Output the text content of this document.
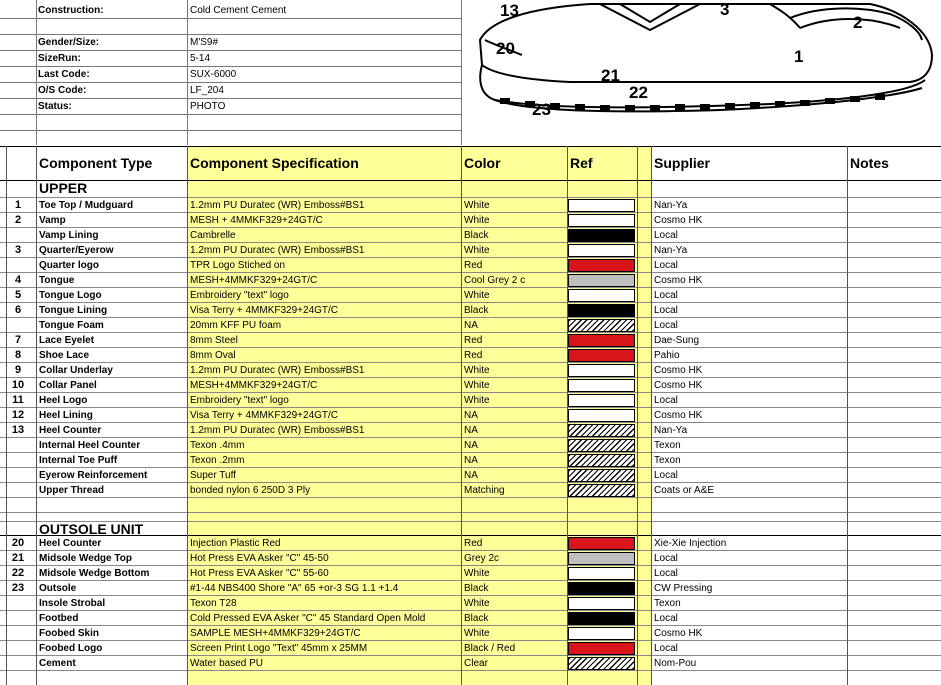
Construction:	Cold Cement Cement
Gender/Size:	M'S9#
SizeRun:	5-14
Last Code:	SUX-6000
O/S Code:	LF_204
Status:	PHOTO
13	3
2
20	1
21
22
23
Component Type	Component Specification	Color	Ref	Supplier	Notes
UPPER
OUTSOLE UNIT
1	Toe Top / Mudguard	1.2mm PU Duratec (WR) Emboss#BS1	White	Nan-Ya
2	Vamp	MESH + 4MMKF329+24GT/C	White	Cosmo HK
Vamp Lining	Cambrelle	Black	Local
3	Quarter/Eyerow	1.2mm PU Duratec (WR) Emboss#BS1	White	Nan-Ya
Quarter logo	TPR Logo Stiched on	Red	Local
4	Tongue	MESH+4MMKF329+24GT/C	Cool Grey 2 c	Cosmo HK
5	Tongue Logo	Embroidery "text" logo	White	Local
6	Tongue Lining	Visa Terry + 4MMKF329+24GT/C	Black	Local
Tongue Foam	20mm KFF PU foam	NA	Local
7	Lace Eyelet	8mm Steel	Red	Dae-Sung
8	Shoe Lace	8mm Oval	Red	Pahio
9	Collar Underlay	1.2mm PU Duratec (WR) Emboss#BS1	White	Cosmo HK
10	Collar Panel	MESH+4MMKF329+24GT/C	White	Cosmo HK
11	Heel Logo	Embroidery "text" logo	White	Local
12	Heel Lining	Visa Terry + 4MMKF329+24GT/C	NA	Cosmo HK
13	Heel Counter	1.2mm PU Duratec (WR) Emboss#BS1	NA	Nan-Ya
Internal Heel Counter	Texon .4mm	NA	Texon
Internal Toe Puff	Texon .2mm	NA	Texon
Eyerow Reinforcement	Super Tuff	NA	Local
Upper Thread	bonded nylon 6 250D 3 Ply	Matching	Coats or A&E
20	Heel Counter	Injection Plastic Red	Red	Xie-Xie Injection
21	Midsole Wedge Top	Hot Press EVA Asker "C" 45-50	Grey 2c	Local
22	Midsole Wedge Bottom	Hot Press EVA Asker "C" 55-60	White	Local
23	Outsole	#1-44 NBS400 Shore "A" 65 +or-3 SG 1.1 +1.4	Black	CW Pressing
Insole Strobal	Texon T28	White	Texon
Footbed	Cold Pressed EVA Asker "C" 45 Standard Open Mold	Black	Local
Foobed Skin	SAMPLE MESH+4MMKF329+24GT/C	White	Cosmo HK
Foobed Logo	Screen Print Logo "Text" 45mm x 25MM	Black / Red	Local
Cement	Water based PU	Clear	Nom-Pou
